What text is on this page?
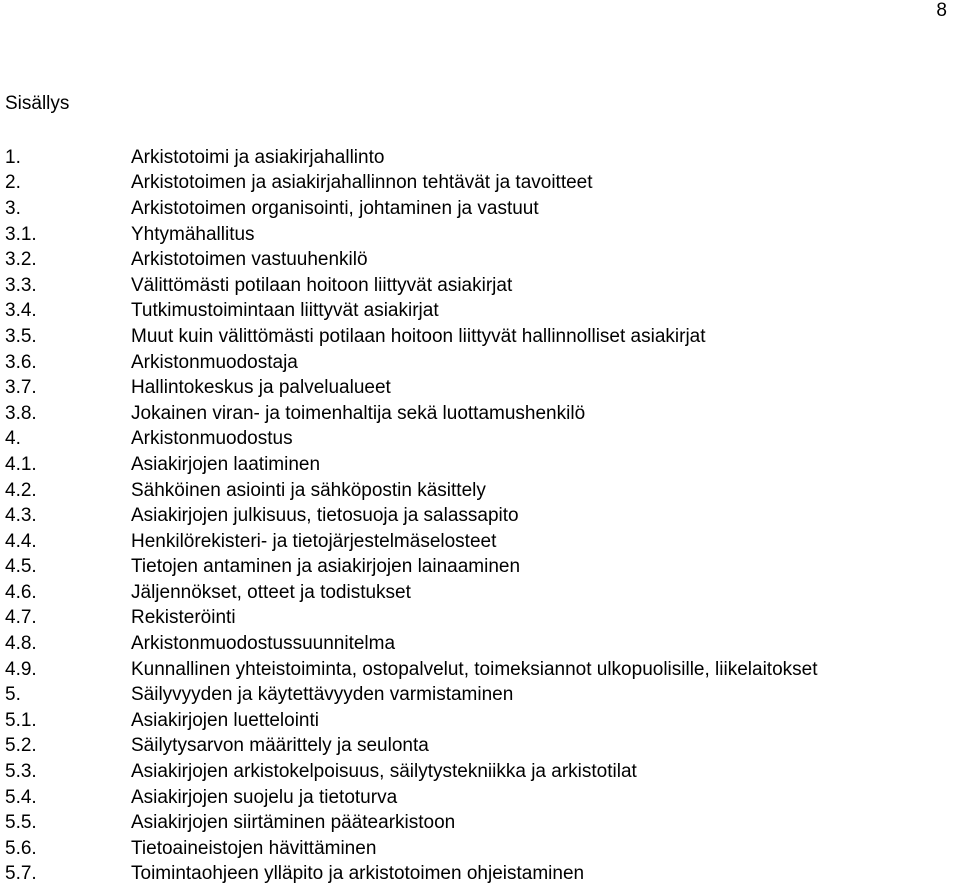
8
Sisällys
1.	Arkistotoimi ja asiakirjahallinto
2.	Arkistotoimen ja asiakirjahallinnon tehtävät ja tavoitteet
3.	Arkistotoimen organisointi, johtaminen ja vastuut
3.1.	Yhtymähallitus
3.2.	Arkistotoimen vastuuhenkilö
3.3.	Välittömästi potilaan hoitoon liittyvät asiakirjat
3.4.	Tutkimustoimintaan liittyvät asiakirjat
3.5.	Muut kuin välittömästi potilaan hoitoon liittyvät hallinnolliset asiakirjat
3.6.	Arkistonmuodostaja
3.7.	Hallintokeskus ja palvelualueet
3.8.	Jokainen viran- ja toimenhaltija sekä luottamushenkilö
4.	Arkistonmuodostus
4.1.	Asiakirjojen laatiminen
4.2.	Sähköinen asiointi ja sähköpostin käsittely
4.3.	Asiakirjojen julkisuus, tietosuoja ja salassapito
4.4.	Henkilörekisteri- ja tietojärjestelmäselosteet
4.5.	Tietojen antaminen ja asiakirjojen lainaaminen
4.6.	Jäljennökset, otteet ja todistukset
4.7.	Rekisteröinti
4.8.	Arkistonmuodostussuunnitelma
4.9.	Kunnallinen yhteistoiminta, ostopalvelut, toimeksiannot ulkopuolisille, liikelaitokset
5.	Säilyvyyden ja käytettävyyden varmistaminen
5.1.	Asiakirjojen luettelointi
5.2.	Säilytysarvon määrittely ja seulonta
5.3.	Asiakirjojen arkistokelpoisuus, säilytystekniikka ja arkistotilat
5.4.	Asiakirjojen suojelu ja tietoturva
5.5.	Asiakirjojen siirtäminen päätearkistoon
5.6.	Tietoaineistojen hävittäminen
5.7.	Toimintaohjeen ylläpito ja arkistotoimen ohjeistaminen
